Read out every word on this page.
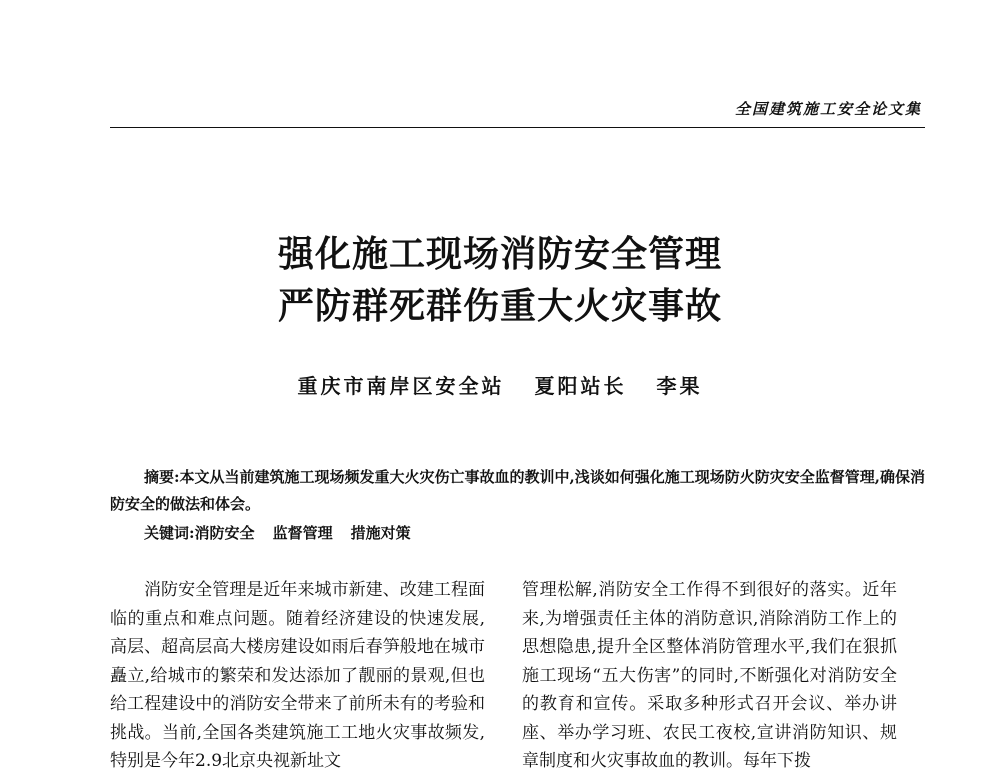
全国建筑施工安全论文集
强化施工现场消防安全管理
严防群死群伤重大火灾事故
重庆市南岸区安全站 夏阳站长 李果
摘要:本文从当前建筑施工现场频发重大火灾伤亡事故血的教训中,浅谈如何强化施工现场防火防灾安全监督管理,确保消防安全的做法和体会。
关键词:消防安全 监督管理 措施对策

消防安全管理是近年来城市新建、改建工程面临的重点和难点问题。随着经济建设的快速发展,高层、超高层高大楼房建设如雨后春笋般地在城市矗立,给城市的繁荣和发达添加了靓丽的景观,但也给工程建设中的消防安全带来了前所未有的考验和挑战。当前,全国各类建筑施工工地火灾事故频发,特别是今年2.9北京央视新址文

管理松解,消防安全工作得不到很好的落实。近年来,为增强责任主体的消防意识,消除消防工作上的思想隐患,提升全区整体消防管理水平,我们在狠抓施工现场“五大伤害”的同时,不断强化对消防安全的教育和宣传。采取多种形式召开会议、举办讲座、举办学习班、农民工夜校,宣讲消防知识、规章制度和火灾事故血的教训。每年下拨
